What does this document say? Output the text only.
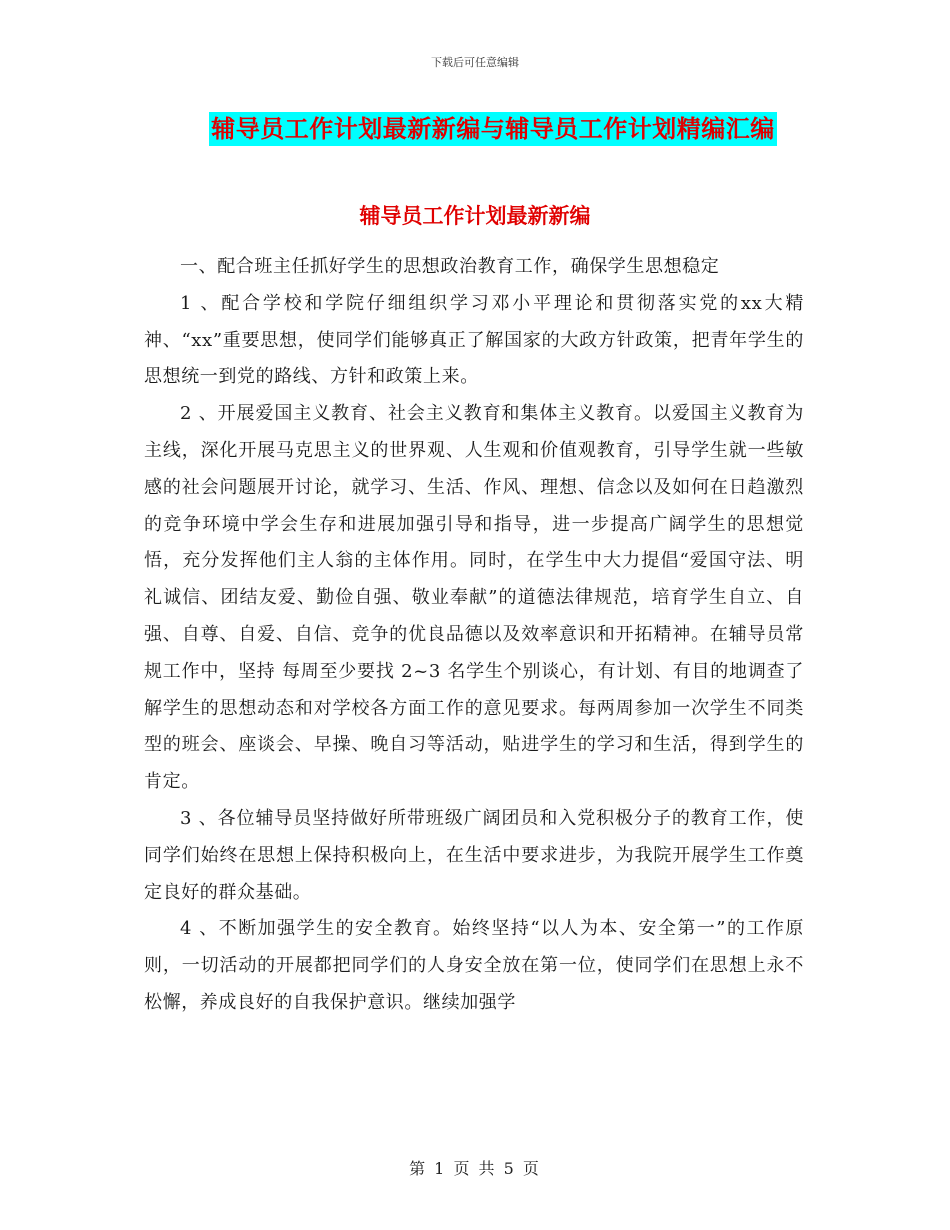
下载后可任意编辑
辅导员工作计划最新新编与辅导员工作计划精编汇编
辅导员工作计划最新新编

一、配合班主任抓好学生的思想政治教育工作，确保学生思想稳定

1 、配合学校和学院仔细组织学习邓小平理论和贯彻落实党的xx大精神、“xx”重要思想，使同学们能够真正了解国家的大政方针政策，把青年学生的思想统一到党的路线、方针和政策上来。

2 、开展爱国主义教育、社会主义教育和集体主义教育。以爱国主义教育为主线，深化开展马克思主义的世界观、人生观和价值观教育，引导学生就一些敏感的社会问题展开讨论，就学习、生活、作风、理想、信念以及如何在日趋激烈的竞争环境中学会生存和进展加强引导和指导，进一步提高广阔学生的思想觉悟，充分发挥他们主人翁的主体作用。同时，在学生中大力提倡“爱国守法、明礼诚信、团结友爱、勤俭自强、敬业奉献”的道德法律规范，培育学生自立、自强、自尊、自爱、自信、竞争的优良品德以及效率意识和开拓精神。在辅导员常规工作中，坚持 每周至少要找 2~3 名学生个别谈心，有计划、有目的地调查了解学生的思想动态和对学校各方面工作的意见要求。每两周参加一次学生不同类型的班会、座谈会、早操、晚自习等活动，贴进学生的学习和生活，得到学生的肯定。

3 、各位辅导员坚持做好所带班级广阔团员和入党积极分子的教育工作，使同学们始终在思想上保持积极向上，在生活中要求进步，为我院开展学生工作奠定良好的群众基础。

4 、不断加强学生的安全教育。始终坚持“以人为本、安全第一”的工作原则，一切活动的开展都把同学们的人身安全放在第一位，使同学们在思想上永不松懈，养成良好的自我保护意识。继续加强学

第 1 页 共 5 页
